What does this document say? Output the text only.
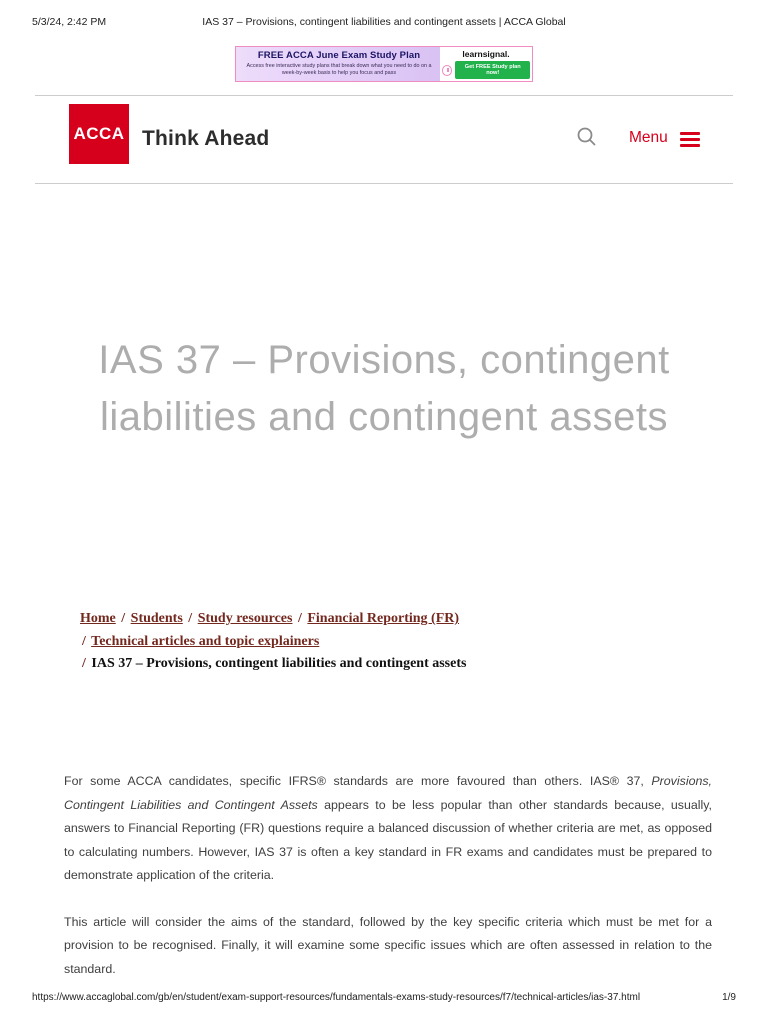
5/3/24, 2:42 PM	IAS 37 – Provisions, contingent liabilities and contingent assets | ACCA Global
FREE ACCA June Exam Study Plan
Access free interactive study plans that break down what you need to do on a week-by-week basis to help you focus and pass
learnsignal.
Get FREE Study plan now!
ACCA Think Ahead	Menu
IAS 37 – Provisions, contingent liabilities and contingent assets
Home / Students / Study resources / Financial Reporting (FR)
/ Technical articles and topic explainers
/ IAS 37 – Provisions, contingent liabilities and contingent assets

For some ACCA candidates, specific IFRS® standards are more favoured than others. IAS® 37, Provisions, Contingent Liabilities and Contingent Assets appears to be less popular than other standards because, usually, answers to Financial Reporting (FR) questions require a balanced discussion of whether criteria are met, as opposed to calculating numbers. However, IAS 37 is often a key standard in FR exams and candidates must be prepared to demonstrate application of the criteria.

This article will consider the aims of the standard, followed by the key specific criteria which must be met for a provision to be recognised. Finally, it will examine some specific issues which are often assessed in relation to the standard.

https://www.accaglobal.com/gb/en/student/exam-support-resources/fundamentals-exams-study-resources/f7/technical-articles/ias-37.html	1/9
